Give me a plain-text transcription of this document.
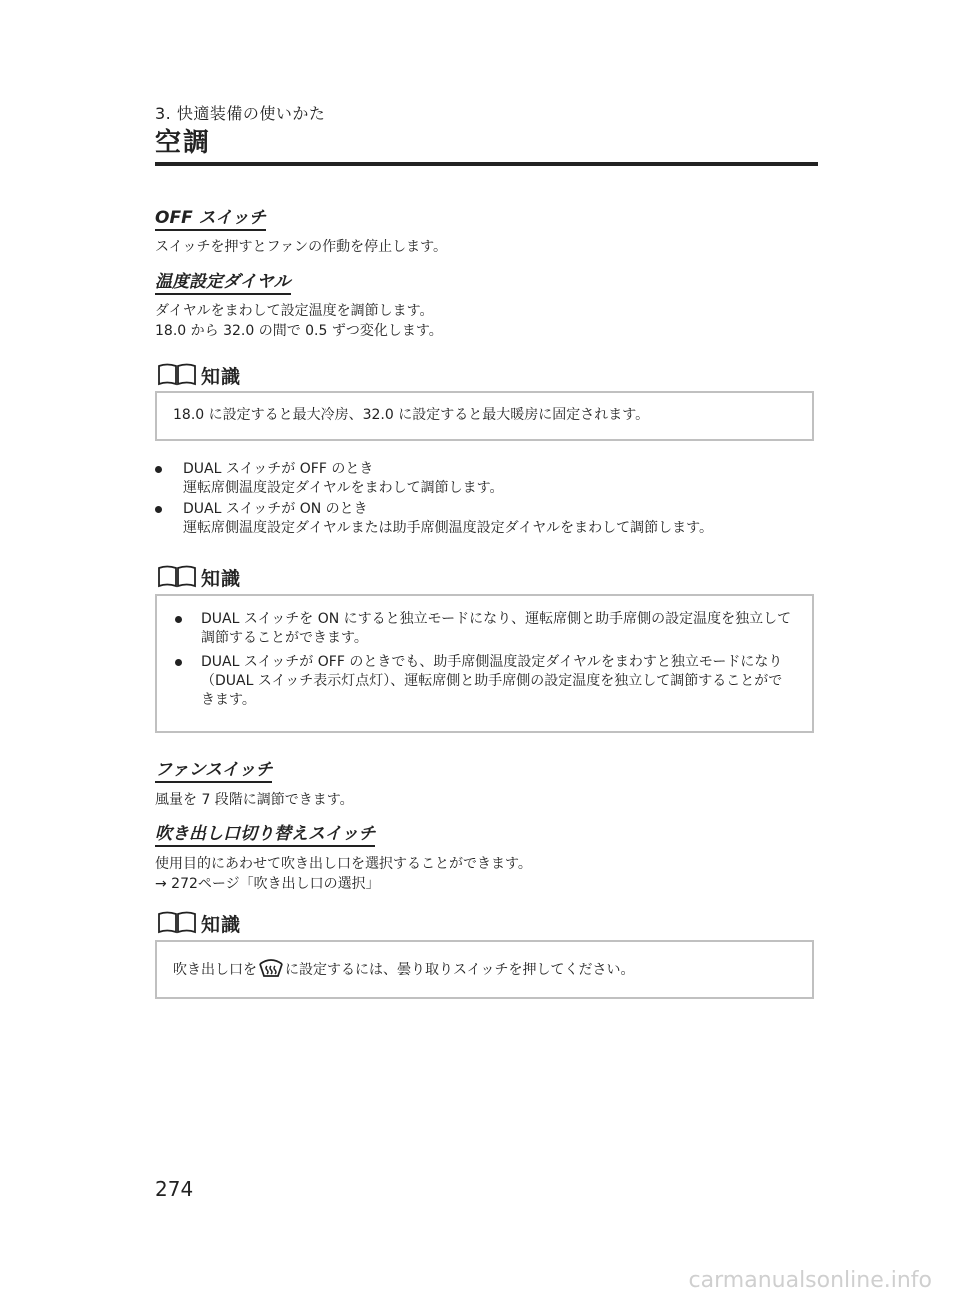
3. 快適装備の使いかた
空調
OFF スイッチ
スイッチを押すとファンの作動を停止します。
温度設定ダイヤル
ダイヤルをまわして設定温度を調節します。
18.0 から 32.0 の間で 0.5 ずつ変化します。
知識
18.0 に設定すると最大冷房、32.0 に設定すると最大暖房に固定されます。
DUAL スイッチが OFF のとき
運転席側温度設定ダイヤルをまわして調節します。
DUAL スイッチが ON のとき
運転席側温度設定ダイヤルまたは助手席側温度設定ダイヤルをまわして調節します。
知識
DUAL スイッチを ON にすると独立モードになり、運転席側と助手席側の設定温度を独立して調節することができます。
DUAL スイッチが OFF のときでも、助手席側温度設定ダイヤルをまわすと独立モードになり（DUAL スイッチ表示灯点灯）、運転席側と助手席側の設定温度を独立して調節することができます。
ファンスイッチ
風量を 7 段階に調節できます。
吹き出し口切り替えスイッチ
使用目的にあわせて吹き出し口を選択することができます。
→ 272ページ「吹き出し口の選択」
知識
吹き出し口を に設定するには、曇り取りスイッチを押してください。
274
carmanualsonline.info
